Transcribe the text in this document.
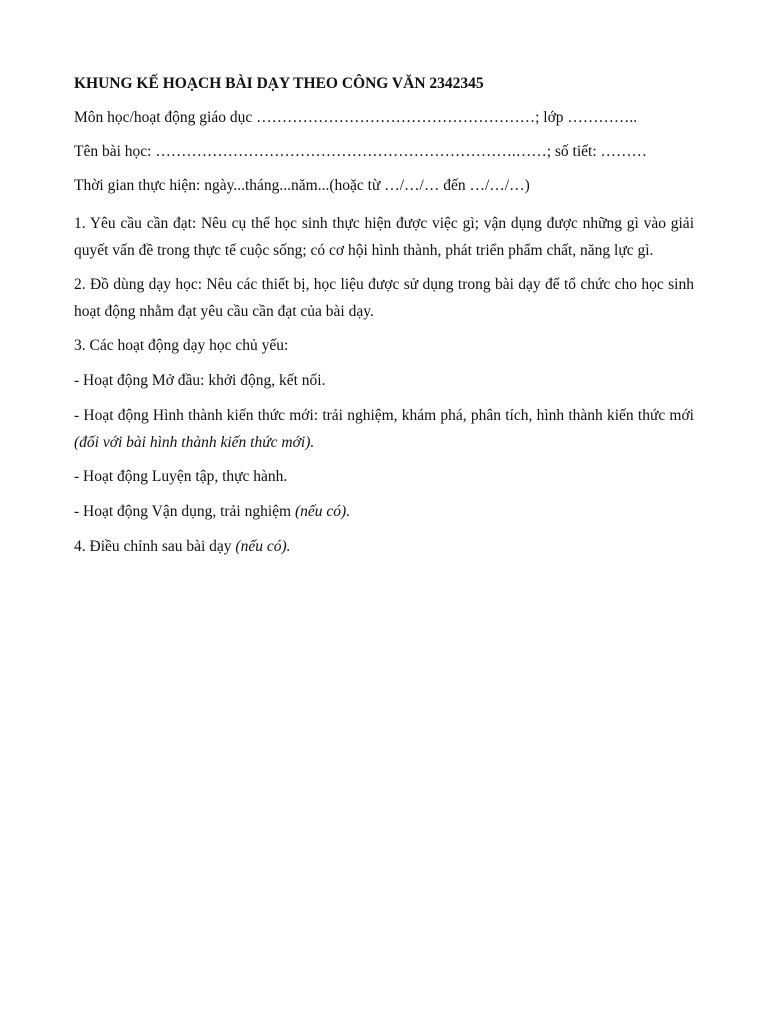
KHUNG KẾ HOẠCH BÀI DẠY THEO CÔNG VĂN 2342345
Môn học/hoạt động giáo dục ………………………………………………; lớp …………..
Tên bài học: …………………………………………………………….……; số tiết: ………
Thời gian thực hiện: ngày...tháng...năm...(hoặc từ …/…/… đến …/…/…)
1. Yêu cầu cần đạt: Nêu cụ thể học sinh thực hiện được việc gì; vận dụng được những gì vào giải quyết vấn đề trong thực tế cuộc sống; có cơ hội hình thành, phát triển phẩm chất, năng lực gì.
2. Đồ dùng dạy học: Nêu các thiết bị, học liệu được sử dụng trong bài dạy để tổ chức cho học sinh hoạt động nhằm đạt yêu cầu cần đạt của bài dạy.
3. Các hoạt động dạy học chủ yếu:
- Hoạt động Mở đầu: khởi động, kết nối.
- Hoạt động Hình thành kiến thức mới: trải nghiệm, khám phá, phân tích, hình thành kiến thức mới (đối với bài hình thành kiến thức mới).
- Hoạt động Luyện tập, thực hành.
- Hoạt động Vận dụng, trải nghiệm (nếu có).
4. Điều chỉnh sau bài dạy (nếu có).
